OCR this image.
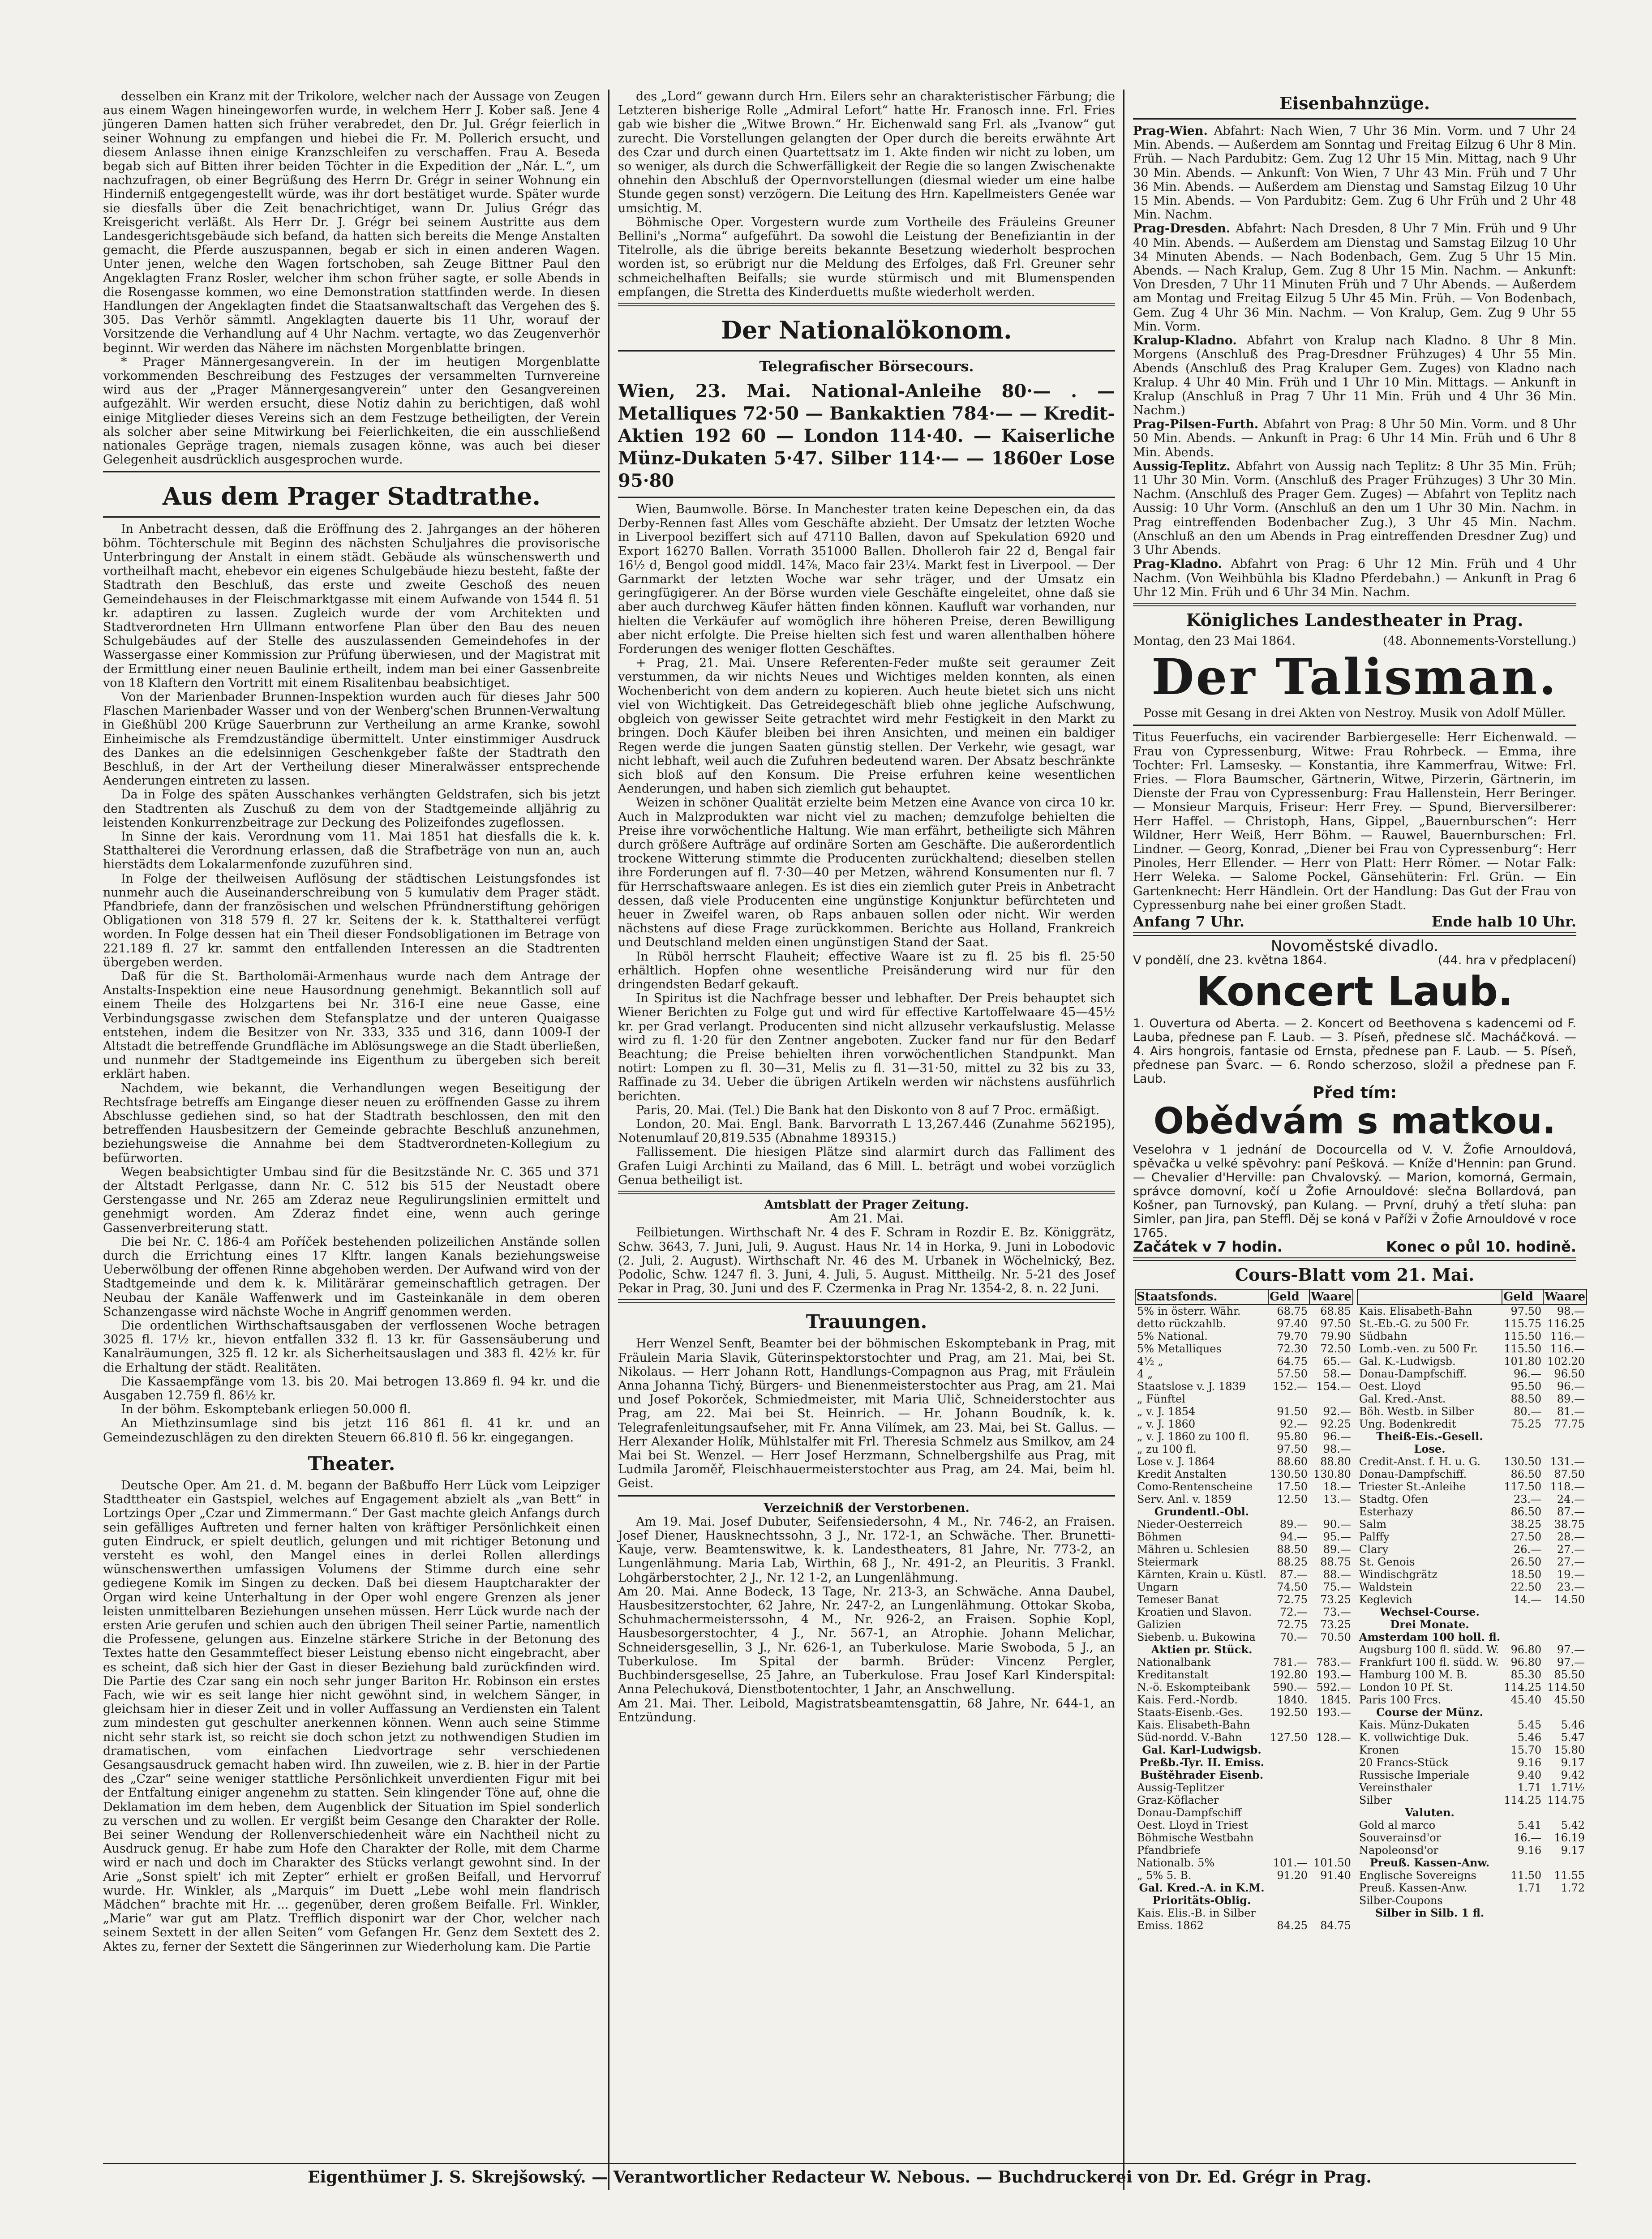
desselben ein Kranz mit der Trikolore, welcher nach der Aussage von Zeugen aus einem Wagen hineingeworfen wurde, in welchem Herr J. Kober saß. Jene 4 jüngeren Damen hatten sich früher verabredet, den Dr. Jul. Grégr feierlich in seiner Wohnung zu empfangen und hiebei die Fr. M. Pollerich ersucht, und diesem Anlasse ihnen einige Kranzschleifen zu verschaffen. Frau A. Beseda begab sich auf Bitten ihrer beiden Töchter in die Expedition der „Nár. L.“, um nachzufragen, ob einer Begrüßung des Herrn Dr. Grégr in seiner Wohnung ein Hinderniß entgegengestellt würde, was ihr dort bestätiget wurde. Später wurde sie diesfalls über die Zeit benachrichtiget, wann Dr. Julius Grégr das Kreisgericht verläßt. Als Herr Dr. J. Grégr bei seinem Austritte aus dem Landesgerichtsgebäude sich befand, da hatten sich bereits die Menge Anstalten gemacht, die Pferde auszuspannen, begab er sich in einen anderen Wagen. Unter jenen, welche den Wagen fortschoben, sah Zeuge Bittner Paul den Angeklagten Franz Rosler, welcher ihm schon früher sagte, er solle Abends in die Rosengasse kommen, wo eine Demonstration stattfinden werde. In diesen Handlungen der Angeklagten findet die Staatsanwaltschaft das Vergehen des §. 305. Das Verhör sämmtl. Angeklagten dauerte bis 11 Uhr, worauf der Vorsitzende die Verhandlung auf 4 Uhr Nachm. vertagte, wo das Zeugenverhör beginnt. Wir werden das Nähere im nächsten Morgenblatte bringen.

* Prager Männergesangverein. In der im heutigen Morgenblatte vorkommenden Beschreibung des Festzuges der versammelten Turnvereine wird aus der „Prager Männergesangverein“ unter den Gesangvereinen aufgezählt. Wir werden ersucht, diese Notiz dahin zu berichtigen, daß wohl einige Mitglieder dieses Vereins sich an dem Festzuge betheiligten, der Verein als solcher aber seine Mitwirkung bei Feierlichkeiten, die ein ausschließend nationales Gepräge tragen, niemals zusagen könne, was auch bei dieser Gelegenheit ausdrücklich ausgesprochen wurde.

Aus dem Prager Stadtrathe.

In Anbetracht dessen, daß die Eröffnung des 2. Jahrganges an der höheren böhm. Töchterschule mit Beginn des nächsten Schuljahres die provisorische Unterbringung der Anstalt in einem städt. Gebäude als wünschenswerth und vortheilhaft macht, ehebevor ein eigenes Schulgebäude hiezu besteht, faßte der Stadtrath den Beschluß, das erste und zweite Geschoß des neuen Gemeindehauses in der Fleischmarktgasse mit einem Aufwande von 1544 fl. 51 kr. adaptiren zu lassen. Zugleich wurde der vom Architekten und Stadtverordneten Hrn Ullmann entworfene Plan über den Bau des neuen Schulgebäudes auf der Stelle des auszulassenden Gemeindehofes in der Wassergasse einer Kommission zur Prüfung überwiesen, und der Magistrat mit der Ermittlung einer neuen Baulinie ertheilt, indem man bei einer Gassenbreite von 18 Klaftern den Vortritt mit einem Risalitenbau beabsichtiget.

Von der Marienbader Brunnen-Inspektion wurden auch für dieses Jahr 500 Flaschen Marienbader Wasser und von der Wenberg'schen Brunnen-Verwaltung in Gießhübl 200 Krüge Sauerbrunn zur Vertheilung an arme Kranke, sowohl Einheimische als Fremdzuständige übermittelt. Unter einstimmiger Ausdruck des Dankes an die edelsinnigen Geschenkgeber faßte der Stadtrath den Beschluß, in der Art der Vertheilung dieser Mineralwässer entsprechende Aenderungen eintreten zu lassen.

Da in Folge des späten Ausschankes verhängten Geldstrafen, sich bis jetzt den Stadtrenten als Zuschuß zu dem von der Stadtgemeinde alljährig zu leistenden Konkurrenzbeitrage zur Deckung des Polizeifondes zugeflossen.

In Sinne der kais. Verordnung vom 11. Mai 1851 hat diesfalls die k. k. Statthalterei die Verordnung erlassen, daß die Strafbeträge von nun an, auch hierstädts dem Lokalarmenfonde zuzuführen sind.

In Folge der theilweisen Auflösung der städtischen Leistungsfondes ist nunmehr auch die Auseinanderschreibung von 5 kumulativ dem Prager städt. Pfandbriefe, dann der französischen und welschen Pfründnerstiftung gehörigen Obligationen von 318 579 fl. 27 kr. Seitens der k. k. Statthalterei verfügt worden. In Folge dessen hat ein Theil dieser Fondsobligationen im Betrage von 221.189 fl. 27 kr. sammt den entfallenden Interessen an die Stadtrenten übergeben werden.

Daß für die St. Bartholomäi-Armenhaus wurde nach dem Antrage der Anstalts-Inspektion eine neue Hausordnung genehmigt. Bekanntlich soll auf einem Theile des Holzgartens bei Nr. 316-I eine neue Gasse, eine Verbindungsgasse zwischen dem Stefansplatze und der unteren Quaigasse entstehen, indem die Besitzer von Nr. 333, 335 und 316, dann 1009-I der Altstadt die betreffende Grundfläche im Ablösungswege an die Stadt überließen, und nunmehr der Stadtgemeinde ins Eigenthum zu übergeben sich bereit erklärt haben.

Nachdem, wie bekannt, die Verhandlungen wegen Beseitigung der Rechtsfrage betreffs am Eingange dieser neuen zu eröffnenden Gasse zu ihrem Abschlusse gediehen sind, so hat der Stadtrath beschlossen, den mit den betreffenden Hausbesitzern der Gemeinde gebrachte Beschluß anzunehmen, beziehungsweise die Annahme bei dem Stadtverordneten-Kollegium zu befürworten.

Wegen beabsichtigter Umbau sind für die Besitzstände Nr. C. 365 und 371 der Altstadt Perlgasse, dann Nr. C. 512 bis 515 der Neustadt obere Gerstengasse und Nr. 265 am Zderaz neue Regulirungslinien ermittelt und genehmigt worden. Am Zderaz findet eine, wenn auch geringe Gassenverbreiterung statt.

Die bei Nr. C. 186-4 am Poříček bestehenden polizeilichen Anstände sollen durch die Errichtung eines 17 Klftr. langen Kanals beziehungsweise Ueberwölbung der offenen Rinne abgehoben werden. Der Aufwand wird von der Stadtgemeinde und dem k. k. Militärärar gemeinschaftlich getragen. Der Neubau der Kanäle Waffenwerk und im Gasteinkanäle in dem oberen Schanzengasse wird nächste Woche in Angriff genommen werden.

Die ordentlichen Wirthschaftsausgaben der verflossenen Woche betragen 3025 fl. 17½ kr., hievon entfallen 332 fl. 13 kr. für Gassensäuberung und Kanalräumungen, 325 fl. 12 kr. als Sicherheitsauslagen und 383 fl. 42½ kr. für die Erhaltung der städt. Realitäten.

Die Kassaempfänge vom 13. bis 20. Mai betrogen 13.869 fl. 94 kr. und die Ausgaben 12.759 fl. 86½ kr.

In der böhm. Eskomptebank erliegen 50.000 fl.

An Miethzinsumlage sind bis jetzt 116 861 fl. 41 kr. und an Gemeindezuschlägen zu den direkten Steuern 66.810 fl. 56 kr. eingegangen.

Theater.

Deutsche Oper. Am 21. d. M. begann der Baßbuffo Herr Lück vom Leipziger Stadttheater ein Gastspiel, welches auf Engagement abzielt als „van Bett“ in Lortzings Oper „Czar und Zimmermann.“ Der Gast machte gleich Anfangs durch sein gefälliges Auftreten und ferner halten von kräftiger Persönlichkeit einen guten Eindruck, er spielt deutlich, gelungen und mit richtiger Betonung und versteht es wohl, den Mangel eines in derlei Rollen allerdings wünschenswerthen umfassigen Volumens der Stimme durch eine sehr gediegene Komik im Singen zu decken. Daß bei diesem Hauptcharakter der Organ wird keine Unterhaltung in der Oper wohl engere Grenzen als jener leisten unmittelbaren Beziehungen unsehen müssen. Herr Lück wurde nach der ersten Arie gerufen und schien auch den übrigen Theil seiner Partie, namentlich die Professene, gelungen aus. Einzelne stärkere Striche in der Betonung des Textes hatte den Gesammteffect bieser Leistung ebenso nicht eingebracht, aber es scheint, daß sich hier der Gast in dieser Beziehung bald zurückfinden wird. Die Partie des Czar sang ein noch sehr junger Bariton Hr. Robinson ein erstes Fach, wie wir es seit lange hier nicht gewöhnt sind, in welchem Sänger, in gleichsam hier in dieser Zeit und in voller Auffassung an Verdiensten ein Talent zum mindesten gut geschulter anerkennen können. Wenn auch seine Stimme nicht sehr stark ist, so reicht sie doch schon jetzt zu nothwendigen Studien im dramatischen, vom einfachen Liedvortrage sehr verschiedenen Gesangsausdruck gemacht haben wird. Ihn zuweilen, wie z. B. hier in der Partie des „Czar“ seine weniger stattliche Persönlichkeit unverdienten Figur mit bei der Entfaltung einiger angenehm zu statten. Sein klingender Töne auf, ohne die Deklamation im dem heben, dem Augenblick der Situation im Spiel sonderlich zu verschen und zu wollen. Er vergißt beim Gesange den Charakter der Rolle. Bei seiner Wendung der Rollenverschiedenheit wäre ein Nachtheil nicht zu Ausdruck genug. Er habe zum Hofe den Charakter der Rolle, mit dem Charme wird er nach und doch im Charakter des Stücks verlangt gewohnt sind. In der Arie „Sonst spielt' ich mit Zepter“ erhielt er großen Beifall, und Hervorruf wurde. Hr. Winkler, als „Marquis“ im Duett „Lebe wohl mein flandrisch Mädchen“ brachte mit Hr. ... gegenüber, deren großem Beifalle. Frl. Winkler, „Marie“ war gut am Platz. Trefflich disponirt war der Chor, welcher nach seinem Sextett in der allen Seiten“ vom Gefangen Hr. Genz dem Sextett des 2. Aktes zu, ferner der Sextett die Sängerinnen zur Wiederholung kam. Die Partie

des „Lord“ gewann durch Hrn. Eilers sehr an charakteristischer Färbung; die Letzteren bisherige Rolle „Admiral Lefort“ hatte Hr. Franosch inne. Frl. Fries gab wie bisher die „Witwe Brown.“ Hr. Eichenwald sang Frl. als „Ivanow“ gut zurecht. Die Vorstellungen gelangten der Oper durch die bereits erwähnte Art des Czar und durch einen Quartettsatz im 1. Akte finden wir nicht zu loben, um so weniger, als durch die Schwerfälligkeit der Regie die so langen Zwischenakte ohnehin den Abschluß der Opernvorstellungen (diesmal wieder um eine halbe Stunde gegen sonst) verzögern. Die Leitung des Hrn. Kapellmeisters Genée war umsichtig. M.

Böhmische Oper. Vorgestern wurde zum Vortheile des Fräuleins Greuner Bellini's „Norma“ aufgeführt. Da sowohl die Leistung der Benefiziantin in der Titelrolle, als die übrige bereits bekannte Besetzung wiederholt besprochen worden ist, so erübrigt nur die Meldung des Erfolges, daß Frl. Greuner sehr schmeichelhaften Beifalls; sie wurde stürmisch und mit Blumenspenden empfangen, die Stretta des Kinderduetts mußte wiederholt werden.

Der Nationalökonom.
Telegrafischer Börsecours.

Wien, 23. Mai. National-Anleihe 80·— . — Metalliques 72·50 — Bankaktien 784·— — Kredit-Aktien 192 60 — London 114·40. — Kaiserliche Münz-Dukaten 5·47. Silber 114·— — 1860er Lose 95·80

Wien, Baumwolle. Börse. In Manchester traten keine Depeschen ein, da das Derby-Rennen fast Alles vom Geschäfte abzieht. Der Umsatz der letzten Woche in Liverpool beziffert sich auf 47110 Ballen, davon auf Spekulation 6920 und Export 16270 Ballen. Vorrath 351000 Ballen. Dholleroh fair 22 d, Bengal fair 16½ d, Bengol good middl. 14⅞, Maco fair 23¼. Markt fest in Liverpool. — Der Garnmarkt der letzten Woche war sehr träger, und der Umsatz ein geringfügigerer. An der Börse wurden viele Geschäfte eingeleitet, ohne daß sie aber auch durchweg Käufer hätten finden können. Kaufluft war vorhanden, nur hielten die Verkäufer auf womöglich ihre höheren Preise, deren Bewilligung aber nicht erfolgte. Die Preise hielten sich fest und waren allenthalben höhere Forderungen des weniger flotten Geschäftes.

+ Prag, 21. Mai. Unsere Referenten-Feder mußte seit geraumer Zeit verstummen, da wir nichts Neues und Wichtiges melden konnten, als einen Wochenbericht von dem andern zu kopieren. Auch heute bietet sich uns nicht viel von Wichtigkeit. Das Getreidegeschäft blieb ohne jegliche Aufschwung, obgleich von gewisser Seite getrachtet wird mehr Festigkeit in den Markt zu bringen. Doch Käufer bleiben bei ihren Ansichten, und meinen ein baldiger Regen werde die jungen Saaten günstig stellen. Der Verkehr, wie gesagt, war nicht lebhaft, weil auch die Zufuhren bedeutend waren. Der Absatz beschränkte sich bloß auf den Konsum. Die Preise erfuhren keine wesentlichen Aenderungen, und haben sich ziemlich gut behauptet.

Weizen in schöner Qualität erzielte beim Metzen eine Avance von circa 10 kr. Auch in Malzprodukten war nicht viel zu machen; demzufolge behielten die Preise ihre vorwöchentliche Haltung. Wie man erfährt, betheiligte sich Mähren durch größere Aufträge auf ordinäre Sorten am Geschäfte. Die außerordentlich trockene Witterung stimmte die Producenten zurückhaltend; dieselben stellen ihre Forderungen auf fl. 7·30—40 per Metzen, während Konsumenten nur fl. 7 für Herrschaftswaare anlegen. Es ist dies ein ziemlich guter Preis in Anbetracht dessen, daß viele Producenten eine ungünstige Konjunktur befürchteten und heuer in Zweifel waren, ob Raps anbauen sollen oder nicht. Wir werden nächstens auf diese Frage zurückkommen. Berichte aus Holland, Frankreich und Deutschland melden einen ungünstigen Stand der Saat.

In Rüböl herrscht Flauheit; effective Waare ist zu fl. 25 bis fl. 25·50 erhältlich. Hopfen ohne wesentliche Preisänderung wird nur für den dringendsten Bedarf gekauft.

In Spiritus ist die Nachfrage besser und lebhafter. Der Preis behauptet sich Wiener Berichten zu Folge gut und wird für effective Kartoffelwaare 45—45½ kr. per Grad verlangt. Producenten sind nicht allzusehr verkaufslustig. Melasse wird zu fl. 1·20 für den Zentner angeboten. Zucker fand nur für den Bedarf Beachtung; die Preise behielten ihren vorwöchentlichen Standpunkt. Man notirt: Lompen zu fl. 30—31, Melis zu fl. 31—31·50, mittel zu 32 bis zu 33, Raffinade zu 34. Ueber die übrigen Artikeln werden wir nächstens ausführlich berichten.

Paris, 20. Mai. (Tel.) Die Bank hat den Diskonto von 8 auf 7 Proc. ermäßigt.

London, 20. Mai. Engl. Bank. Barvorrath L 13,267.446 (Zunahme 562195), Notenumlauf 20,819.535 (Abnahme 189315.)

Fallissement. Die hiesigen Plätze sind alarmirt durch das Falliment des Grafen Luigi Archinti zu Mailand, das 6 Mill. L. beträgt und wobei vorzüglich Genua betheiligt ist.

Amtsblatt der Prager Zeitung.
Am 21. Mai.

Feilbietungen. Wirthschaft Nr. 4 des F. Schram in Rozdir E. Bz. Königgrätz, Schw. 3643, 7. Juni, Juli, 9. August. Haus Nr. 14 in Horka, 9. Juni in Lobodovic (2. Juli, 2. August). Wirthschaft Nr. 46 des M. Urbanek in Wöchelnický, Bez. Podolic, Schw. 1247 fl. 3. Juni, 4. Juli, 5. August. Mittheilg. Nr. 5-21 des Josef Pekar in Prag, 30. Juni und des F. Czermenka in Prag Nr. 1354-2, 8. n. 22 Juni.

Trauungen.

Herr Wenzel Senft, Beamter bei der böhmischen Eskomptebank in Prag, mit Fräulein Maria Slavik, Güterinspektorstochter und Prag, am 21. Mai, bei St. Nikolaus. — Herr Johann Rott, Handlungs-Compagnon aus Prag, mit Fräulein Anna Johanna Tichý, Bürgers- und Bienenmeisterstochter aus Prag, am 21. Mai und Josef Pokorček, Schmiedmeister, mit Maria Ulič, Schneiderstochter aus Prag, am 22. Mai bei St. Heinrich. — Hr. Johann Boudník, k. k. Telegrafenleitungsaufseher, mit Fr. Anna Vilímek, am 23. Mai, bei St. Gallus. — Herr Alexander Holík, Mühlstalfer mit Frl. Theresia Schmelz aus Smilkov, am 24 Mai bei St. Wenzel. — Herr Josef Herzmann, Schnelbergshilfe aus Prag, mit Ludmila Jaroměř, Fleischhauermeisterstochter aus Prag, am 24. Mai, beim hl. Geist.

Verzeichniß der Verstorbenen.

Am 19. Mai. Josef Dubuter, Seifensiedersohn, 4 M., Nr. 746-2, an Fraisen. Josef Diener, Hausknechtssohn, 3 J., Nr. 172-1, an Schwäche. Ther. Brunetti-Kauje, verw. Beamtenswitwe, k. k. Landestheaters, 81 Jahre, Nr. 773-2, an Lungenlähmung. Maria Lab, Wirthin, 68 J., Nr. 491-2, an Pleuritis. 3 Frankl. Lohgärberstochter, 2 J., Nr. 12 1-2, an Lungenlähmung.
Am 20. Mai. Anne Bodeck, 13 Tage, Nr. 213-3, an Schwäche. Anna Daubel, Hausbesitzerstochter, 62 Jahre, Nr. 247-2, an Lungenlähmung. Ottokar Skoba, Schuhmachermeisterssohn, 4 M., Nr. 926-2, an Fraisen. Sophie Kopl, Hausbesorgerstochter, 4 J., Nr. 567-1, an Atrophie. Johann Melichar, Schneidersgesellin, 3 J., Nr. 626-1, an Tuberkulose. Marie Swoboda, 5 J., an Tuberkulose. Im Spital der barmh. Brüder: Vincenz Pergler, Buchbindersgesellse, 25 Jahre, an Tuberkulose. Frau Josef Karl Kinderspital: Anna Pelechuková, Dienstbotentochter, 1 Jahr, an Anschwellung.
Am 21. Mai. Ther. Leibold, Magistratsbeamtensgattin, 68 Jahre, Nr. 644-1, an Entzündung.

Eisenbahnzüge.

Prag-Wien. Abfahrt: Nach Wien, 7 Uhr 36 Min. Vorm. und 7 Uhr 24 Min. Abends. — Außerdem am Sonntag und Freitag Eilzug 6 Uhr 8 Min. Früh. — Nach Pardubitz: Gem. Zug 12 Uhr 15 Min. Mittag, nach 9 Uhr 30 Min. Abends. — Ankunft: Von Wien, 7 Uhr 43 Min. Früh und 7 Uhr 36 Min. Abends. — Außerdem am Dienstag und Samstag Eilzug 10 Uhr 15 Min. Abends. — Von Pardubitz: Gem. Zug 6 Uhr Früh und 2 Uhr 48 Min. Nachm.

Prag-Dresden. Abfahrt: Nach Dresden, 8 Uhr 7 Min. Früh und 9 Uhr 40 Min. Abends. — Außerdem am Dienstag und Samstag Eilzug 10 Uhr 34 Minuten Abends. — Nach Bodenbach, Gem. Zug 5 Uhr 15 Min. Abends. — Nach Kralup, Gem. Zug 8 Uhr 15 Min. Nachm. — Ankunft: Von Dresden, 7 Uhr 11 Minuten Früh und 7 Uhr Abends. — Außerdem am Montag und Freitag Eilzug 5 Uhr 45 Min. Früh. — Von Bodenbach, Gem. Zug 4 Uhr 36 Min. Nachm. — Von Kralup, Gem. Zug 9 Uhr 55 Min. Vorm.

Kralup-Kladno. Abfahrt von Kralup nach Kladno. 8 Uhr 8 Min. Morgens (Anschluß des Prag-Dresdner Frühzuges) 4 Uhr 55 Min. Abends (Anschluß des Prag Kraluper Gem. Zuges) von Kladno nach Kralup. 4 Uhr 40 Min. Früh und 1 Uhr 10 Min. Mittags. — Ankunft in Kralup (Anschluß in Prag 7 Uhr 11 Min. Früh und 4 Uhr 36 Min. Nachm.)

Prag-Pilsen-Furth. Abfahrt von Prag: 8 Uhr 50 Min. Vorm. und 8 Uhr 50 Min. Abends. — Ankunft in Prag: 6 Uhr 14 Min. Früh und 6 Uhr 8 Min. Abends.

Aussig-Teplitz. Abfahrt von Aussig nach Teplitz: 8 Uhr 35 Min. Früh; 11 Uhr 30 Min. Vorm. (Anschluß des Prager Frühzuges) 3 Uhr 30 Min. Nachm. (Anschluß des Prager Gem. Zuges) — Abfahrt von Teplitz nach Aussig: 10 Uhr Vorm. (Anschluß an den um 1 Uhr 30 Min. Nachm. in Prag eintreffenden Bodenbacher Zug.), 3 Uhr 45 Min. Nachm. (Anschluß an den um Abends in Prag eintreffenden Dresdner Zug) und 3 Uhr Abends.

Prag-Kladno. Abfahrt von Prag: 6 Uhr 12 Min. Früh und 4 Uhr Nachm. (Von Weihbühla bis Kladno Pferdebahn.) — Ankunft in Prag 6 Uhr 12 Min. Früh und 6 Uhr 34 Min. Nachm.

Königliches Landestheater in Prag.
Montag, den 23 Mai 1864.	(48. Abonnements-Vorstellung.)
Der Talisman.

Posse mit Gesang in drei Akten von Nestroy. Musik von Adolf Müller.

Titus Feuerfuchs, ein vacirender Barbiergeselle: Herr Eichenwald. — Frau von Cypressenburg, Witwe: Frau Rohrbeck. — Emma, ihre Tochter: Frl. Lamsesky. — Konstantia, ihre Kammerfrau, Witwe: Frl. Fries. — Flora Baumscher, Gärtnerin, Witwe, Pirzerin, Gärtnerin, im Dienste der Frau von Cypressenburg: Frau Hallenstein, Herr Beringer. — Monsieur Marquis, Friseur: Herr Frey. — Spund, Bierversilberer: Herr Haffel. — Christoph, Hans, Gippel, „Bauernburschen“: Herr Wildner, Herr Weiß, Herr Böhm. — Rauwel, Bauernburschen: Frl. Lindner. — Georg, Konrad, „Diener bei Frau von Cypressenburg“: Herr Pinoles, Herr Ellender. — Herr von Platt: Herr Römer. — Notar Falk: Herr Weleka. — Salome Pockel, Gänsehüterin: Frl. Grün. — Ein Gartenknecht: Herr Händlein. Ort der Handlung: Das Gut der Frau von Cypressenburg nahe bei einer großen Stadt.

Anfang 7 Uhr.	Ende halb 10 Uhr.
Novoměstské divadlo.
V pondělí, dne 23. května 1864.	(44. hra v předplacení)
Koncert Laub.

1. Ouvertura od Aberta. — 2. Koncert od Beethovena s kadencemi od F. Lauba, přednese pan F. Laub. — 3. Píseň, přednese slč. Macháčková. — 4. Airs hongrois, fantasie od Ernsta, přednese pan F. Laub. — 5. Píseň, přednese pan Švarc. — 6. Rondo scherzoso, složil a přednese pan F. Laub.

Před tím:
Obědvám s matkou.

Veselohra v 1 jednání de Docourcella od V. V. Žofie Arnouldová, spěvačka u velké spěvohry: paní Pešková. — Kníže d'Hennin: pan Grund. — Chevalier d'Herville: pan Chvalovský. — Marion, komorná, Germain, správce domovní, kočí u Žofie Arnouldové: slečna Bollardová, pan Košner, pan Turnovský, pan Kulang. — První, druhý a třetí sluha: pan Simler, pan Jira, pan Steffl. Děj se koná v Paříži v Žofie Arnouldové v roce 1765.

Začátek v 7 hodin.	Konec o půl 10. hodině.
Cours-Blatt vom 21. Mai.
Staatsfonds.	Geld	Waare
5% in österr. Währ.	68.75	68.85
detto rückzahlb.	97.40	97.50
5% National.	79.70	79.90
5% Metalliques	72.30	72.50
4½ „	64.75	65.—
4 „	57.50	58.—
Staatslose v. J. 1839	152.—	154.—
„ Fünftel		
„ v. J. 1854	91.50	92.—
„ v. J. 1860	92.—	92.25
„ v. J. 1860 zu 100 fl.	95.80	96.—
„ zu 100 fl.	97.50	98.—
Lose v. J. 1864	88.60	88.80
Kredit Anstalten	130.50	130.80
Como-Rentenscheine	17.50	18.—
Serv. Anl. v. 1859	12.50	13.—
Grundentl.-Obl.		
Nieder-Oesterreich	89.—	90.—
Böhmen	94.—	95.—
Mähren u. Schlesien	88.50	89.—
Steiermark	88.25	88.75
Kärnten, Krain u. Küstl.	87.—	88.—
Ungarn	74.50	75.—
Temeser Banat	72.75	73.25
Kroatien und Slavon.	72.—	73.—
Galizien	72.75	73.25
Siebenb. u. Bukowina	70.—	70.50
Aktien pr. Stück.		
Nationalbank	781.—	783.—
Kreditanstalt	192.80	193.—
N.-ö. Eskompteibank	590.—	592.—
Kais. Ferd.-Nordb.	1840.	1845.
Staats-Eisenb.-Ges.	192.50	193.—
Kais. Elisabeth-Bahn		
Süd-nordd. V.-Bahn	127.50	128.—
Gal. Karl-Ludwigsb.		
Preßb.-Tyr. II. Emiss.		
Buštěhrader Eisenb.		
Aussig-Teplitzer		
Graz-Köflacher		
Donau-Dampfschiff		
Oest. Lloyd in Triest		
Böhmische Westbahn		
Pfandbriefe		
Nationalb. 5%	101.—	101.50
„ 5% 5. B.	91.20	91.40
Gal. Kred.-A. in K.M.		
Prioritäts-Oblig.		
Kais. Elis.-B. in Silber		
Emiss. 1862	84.25	84.75

	Geld	Waare
Kais. Elisabeth-Bahn	97.50	98.—
St.-Eb.-G. zu 500 Fr.	115.75	116.25
Südbahn	115.50	116.—
Lomb.-ven. zu 500 Fr.	115.50	116.—
Gal. K.-Ludwigsb.	101.80	102.20
Donau-Dampfschiff.	96.—	96.50
Oest. Lloyd	95.50	96.—
Gal. Kred.-Anst.	88.50	89.—
Böh. Westb. in Silber	80.—	81.—
Ung. Bodenkredit	75.25	77.75
Theiß-Eis.-Gesell.		
Lose.		
Credit-Anst. f. H. u. G.	130.50	131.—
Donau-Dampfschiff.	86.50	87.50
Triester St.-Anleihe	117.50	118.—
Stadtg. Ofen	23.—	24.—
Esterhazy	86.50	87.—
Salm	38.25	38.75
Palffy	27.50	28.—
Clary	26.—	27.—
St. Genois	26.50	27.—
Windischgrätz	18.50	19.—
Waldstein	22.50	23.—
Keglevich	14.—	14.50
Wechsel-Course.		
Drei Monate.		
Amsterdam 100 holl. fl.		
Augsburg 100 fl. südd. W.	96.80	97.—
Frankfurt 100 fl. südd. W.	96.80	97.—
Hamburg 100 M. B.	85.30	85.50
London 10 Pf. St.	114.25	114.50
Paris 100 Frcs.	45.40	45.50
Course der Münz.		
Kais. Münz-Dukaten	5.45	5.46
K. vollwichtige Duk.	5.46	5.47
Kronen	15.70	15.80
20 Francs-Stück	9.16	9.17
Russische Imperiale	9.40	9.42
Vereinsthaler	1.71	1.71½
Silber	114.25	114.75
Valuten.		
Gold al marco	5.41	5.42
Souverainsd'or	16.—	16.19
Napoleonsd'or	9.16	9.17
Preuß. Kassen-Anw.		
Englische Sovereigns	11.50	11.55
Preuß. Kassen-Anw.	1.71	1.72
Silber-Coupons		
Silber in Silb. 1 fl.		
Eigenthümer J. S. Skrejšowský. — Verantwortlicher Redacteur W. Nebous. — Buchdruckerei von Dr. Ed. Grégr in Prag.
